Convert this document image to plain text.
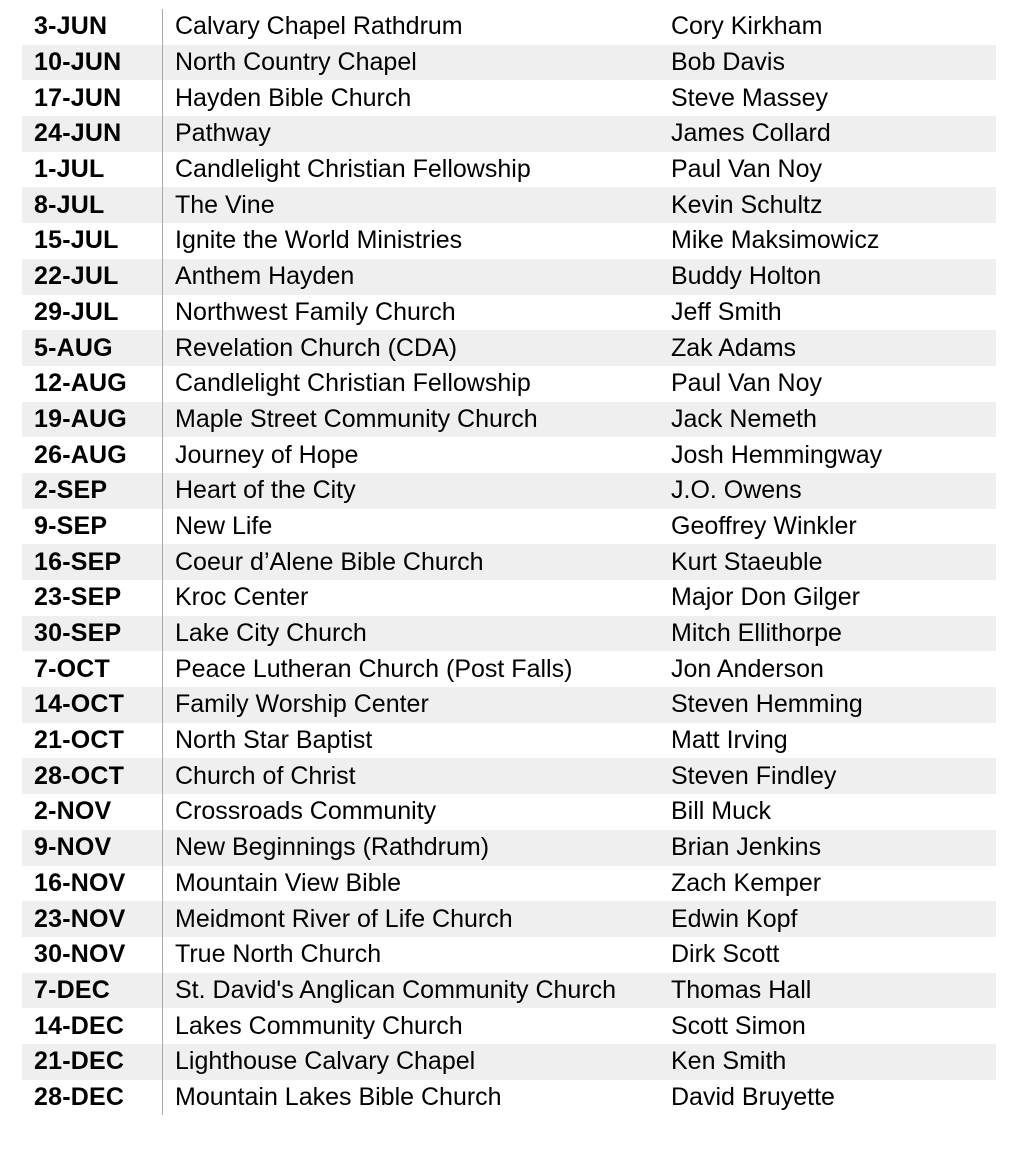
3-JUN	Calvary Chapel Rathdrum	Cory Kirkham
10-JUN	North Country Chapel	Bob Davis
17-JUN	Hayden Bible Church	Steve Massey
24-JUN	Pathway	James Collard
1-JUL	Candlelight Christian Fellowship	Paul Van Noy
8-JUL	The Vine	Kevin Schultz
15-JUL	Ignite the World Ministries	Mike Maksimowicz
22-JUL	Anthem Hayden	Buddy Holton
29-JUL	Northwest Family Church	Jeff Smith
5-AUG	Revelation Church (CDA)	Zak Adams
12-AUG	Candlelight Christian Fellowship	Paul Van Noy
19-AUG	Maple Street Community Church	Jack Nemeth
26-AUG	Journey of Hope	Josh Hemmingway
2-SEP	Heart of the City	J.O. Owens
9-SEP	New Life	Geoffrey Winkler
16-SEP	Coeur d’Alene Bible Church	Kurt Staeuble
23-SEP	Kroc Center	Major Don Gilger
30-SEP	Lake City Church	Mitch Ellithorpe
7-OCT	Peace Lutheran Church (Post Falls)	Jon Anderson
14-OCT	Family Worship Center	Steven Hemming
21-OCT	North Star Baptist	Matt Irving
28-OCT	Church of Christ	Steven Findley
2-NOV	Crossroads Community	Bill Muck
9-NOV	New Beginnings (Rathdrum)	Brian Jenkins
16-NOV	Mountain View Bible	Zach Kemper
23-NOV	Meidmont River of Life Church	Edwin Kopf
30-NOV	True North Church	Dirk Scott
7-DEC	St. David's Anglican Community Church	Thomas Hall
14-DEC	Lakes Community Church	Scott Simon
21-DEC	Lighthouse Calvary Chapel	Ken Smith
28-DEC	Mountain Lakes Bible Church	David Bruyette
